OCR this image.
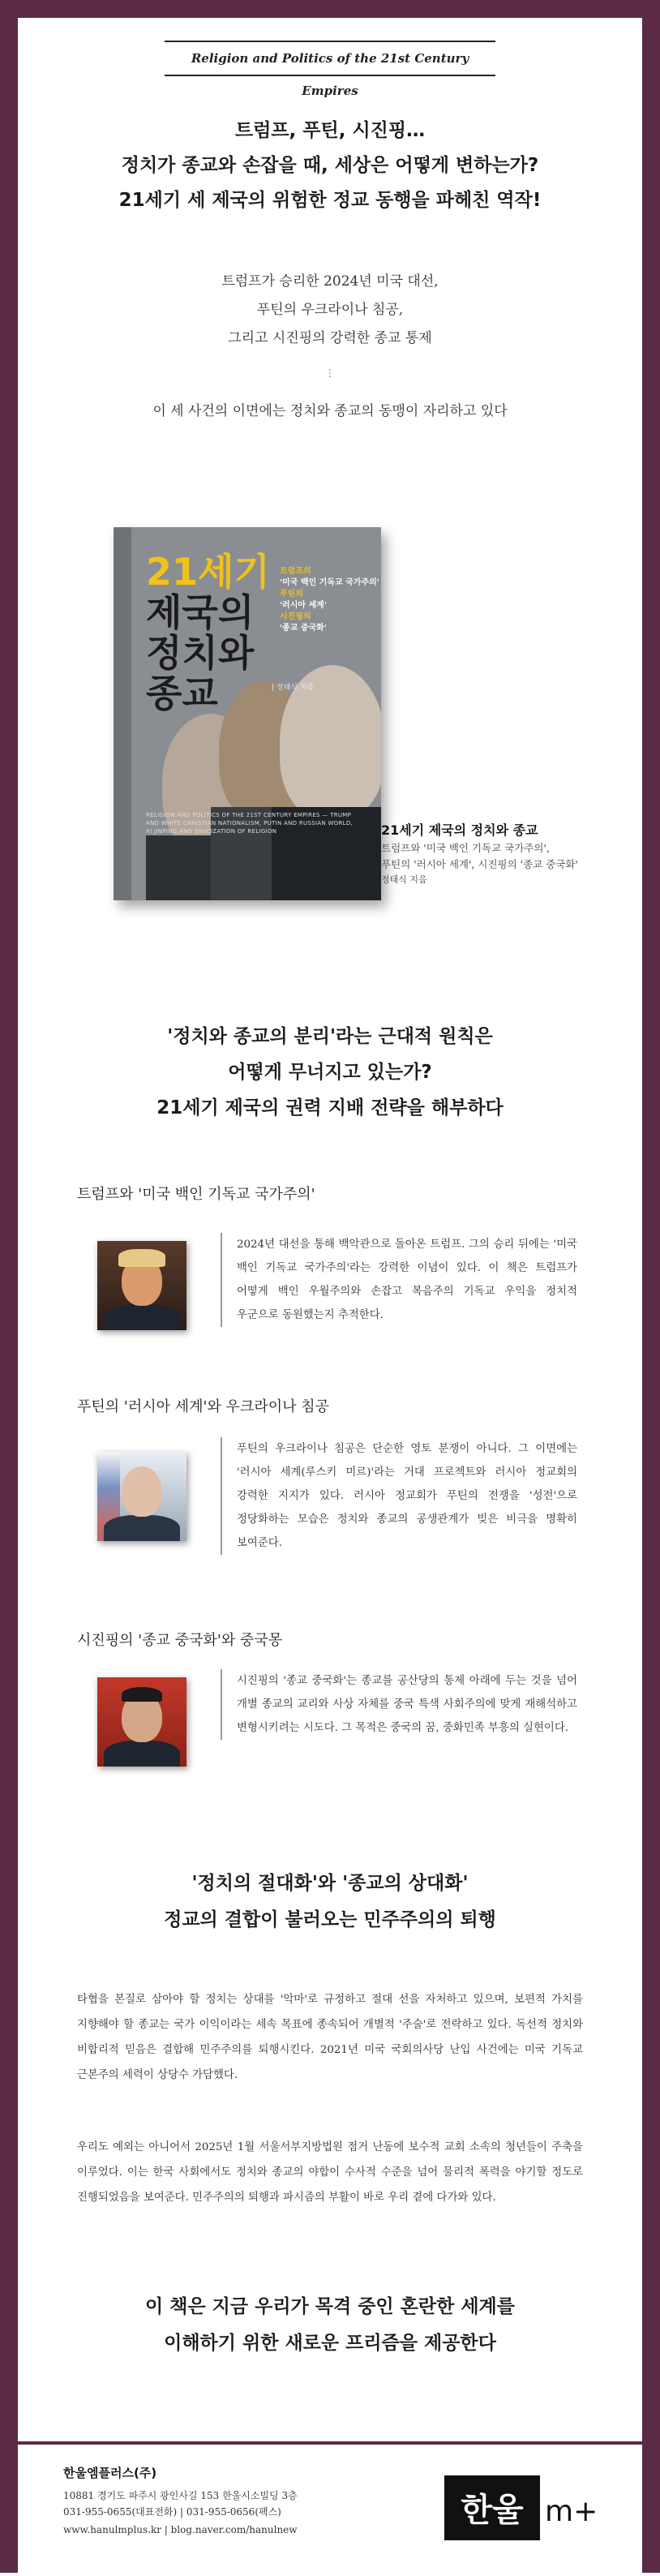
Religion and Politics of the 21st Century Empires
트럼프, 푸틴, 시진핑…
정치가 종교와 손잡을 때, 세상은 어떻게 변하는가?
21세기 세 제국의 위험한 정교 동행을 파헤친 역작!
트럼프가 승리한 2024년 미국 대선,
푸틴의 우크라이나 침공,
그리고 시진핑의 강력한 종교 통제
⋮
이 세 사건의 이면에는 정치와 종교의 동맹이 자리하고 있다
21세기
제국의
정치와
종교
트럼프의
'미국 백인 기독교 국가주의'
푸틴의
'러시아 세계'
시진핑의
'종교 중국화'
| 정태식 지음
RELIGION AND POLITICS OF THE 21ST CENTURY EMPIRES — TRUMP AND WHITE CHRISTIAN NATIONALISM, PUTIN AND RUSSIAN WORLD, XI JINPING AND SINICIZATION OF RELIGION	21세기 제국의 정치와 종교
트럼프와 '미국 백인 기독교 국가주의',
푸틴의 '러시아 세계', 시진핑의 '종교 중국화'
정태식 지음
'정치와 종교의 분리'라는 근대적 원칙은
어떻게 무너지고 있는가?
21세기 제국의 권력 지배 전략을 해부하다
트럼프와 '미국 백인 기독교 국가주의'
2024년 대선을 통해 백악관으로 돌아온 트럼프. 그의 승리 뒤에는 '미국 백인 기독교 국가주의'라는 강력한 이념이 있다. 이 책은 트럼프가 어떻게 백인 우월주의와 손잡고 복음주의 기독교 우익을 정치적 우군으로 동원했는지 추적한다.
푸틴의 '러시아 세계'와 우크라이나 침공
푸틴의 우크라이나 침공은 단순한 영토 분쟁이 아니다. 그 이면에는 '러시아 세계(루스키 미르)'라는 거대 프로젝트와 러시아 정교회의 강력한 지지가 있다. 러시아 정교회가 푸틴의 전쟁을 '성전'으로 정당화하는 모습은 정치와 종교의 공생관계가 빚은 비극을 명확히 보여준다.
시진핑의 '종교 중국화'와 중국몽
시진핑의 '종교 중국화'는 종교를 공산당의 통제 아래에 두는 것을 넘어 개별 종교의 교리와 사상 자체를 중국 특색 사회주의에 맞게 재해석하고 변형시키려는 시도다. 그 목적은 중국의 꿈, 중화민족 부흥의 실현이다.
'정치의 절대화'와 '종교의 상대화'
정교의 결합이 불러오는 민주주의의 퇴행
타협을 본질로 삼아야 할 정치는 상대를 '악마'로 규정하고 절대 선을 자처하고 있으며, 보편적 가치를 지향해야 할 종교는 국가 이익이라는 세속 목표에 종속되어 개별적 '주술'로 전락하고 있다. 독선적 정치와 비합리적 믿음은 결합해 민주주의를 퇴행시킨다. 2021년 미국 국회의사당 난입 사건에는 미국 기독교 근본주의 세력이 상당수 가담했다.
우리도 예외는 아니어서 2025년 1월 서울서부지방법원 점거 난동에 보수적 교회 소속의 청년들이 주축을 이루었다. 이는 한국 사회에서도 정치와 종교의 야합이 수사적 수준을 넘어 물리적 폭력을 야기할 정도로 진행되었음을 보여준다. 민주주의의 퇴행과 파시즘의 부활이 바로 우리 곁에 다가와 있다.
이 책은 지금 우리가 목격 중인 혼란한 세계를
이해하기 위한 새로운 프리즘을 제공한다
한울엠플러스(주)
10881 경기도 파주시 광인사길 153 한울시소빌딩 3층
031-955-0655(대표전화) | 031-955-0656(팩스)
www.hanulmplus.kr | blog.naver.com/hanulnew
한울 m+
